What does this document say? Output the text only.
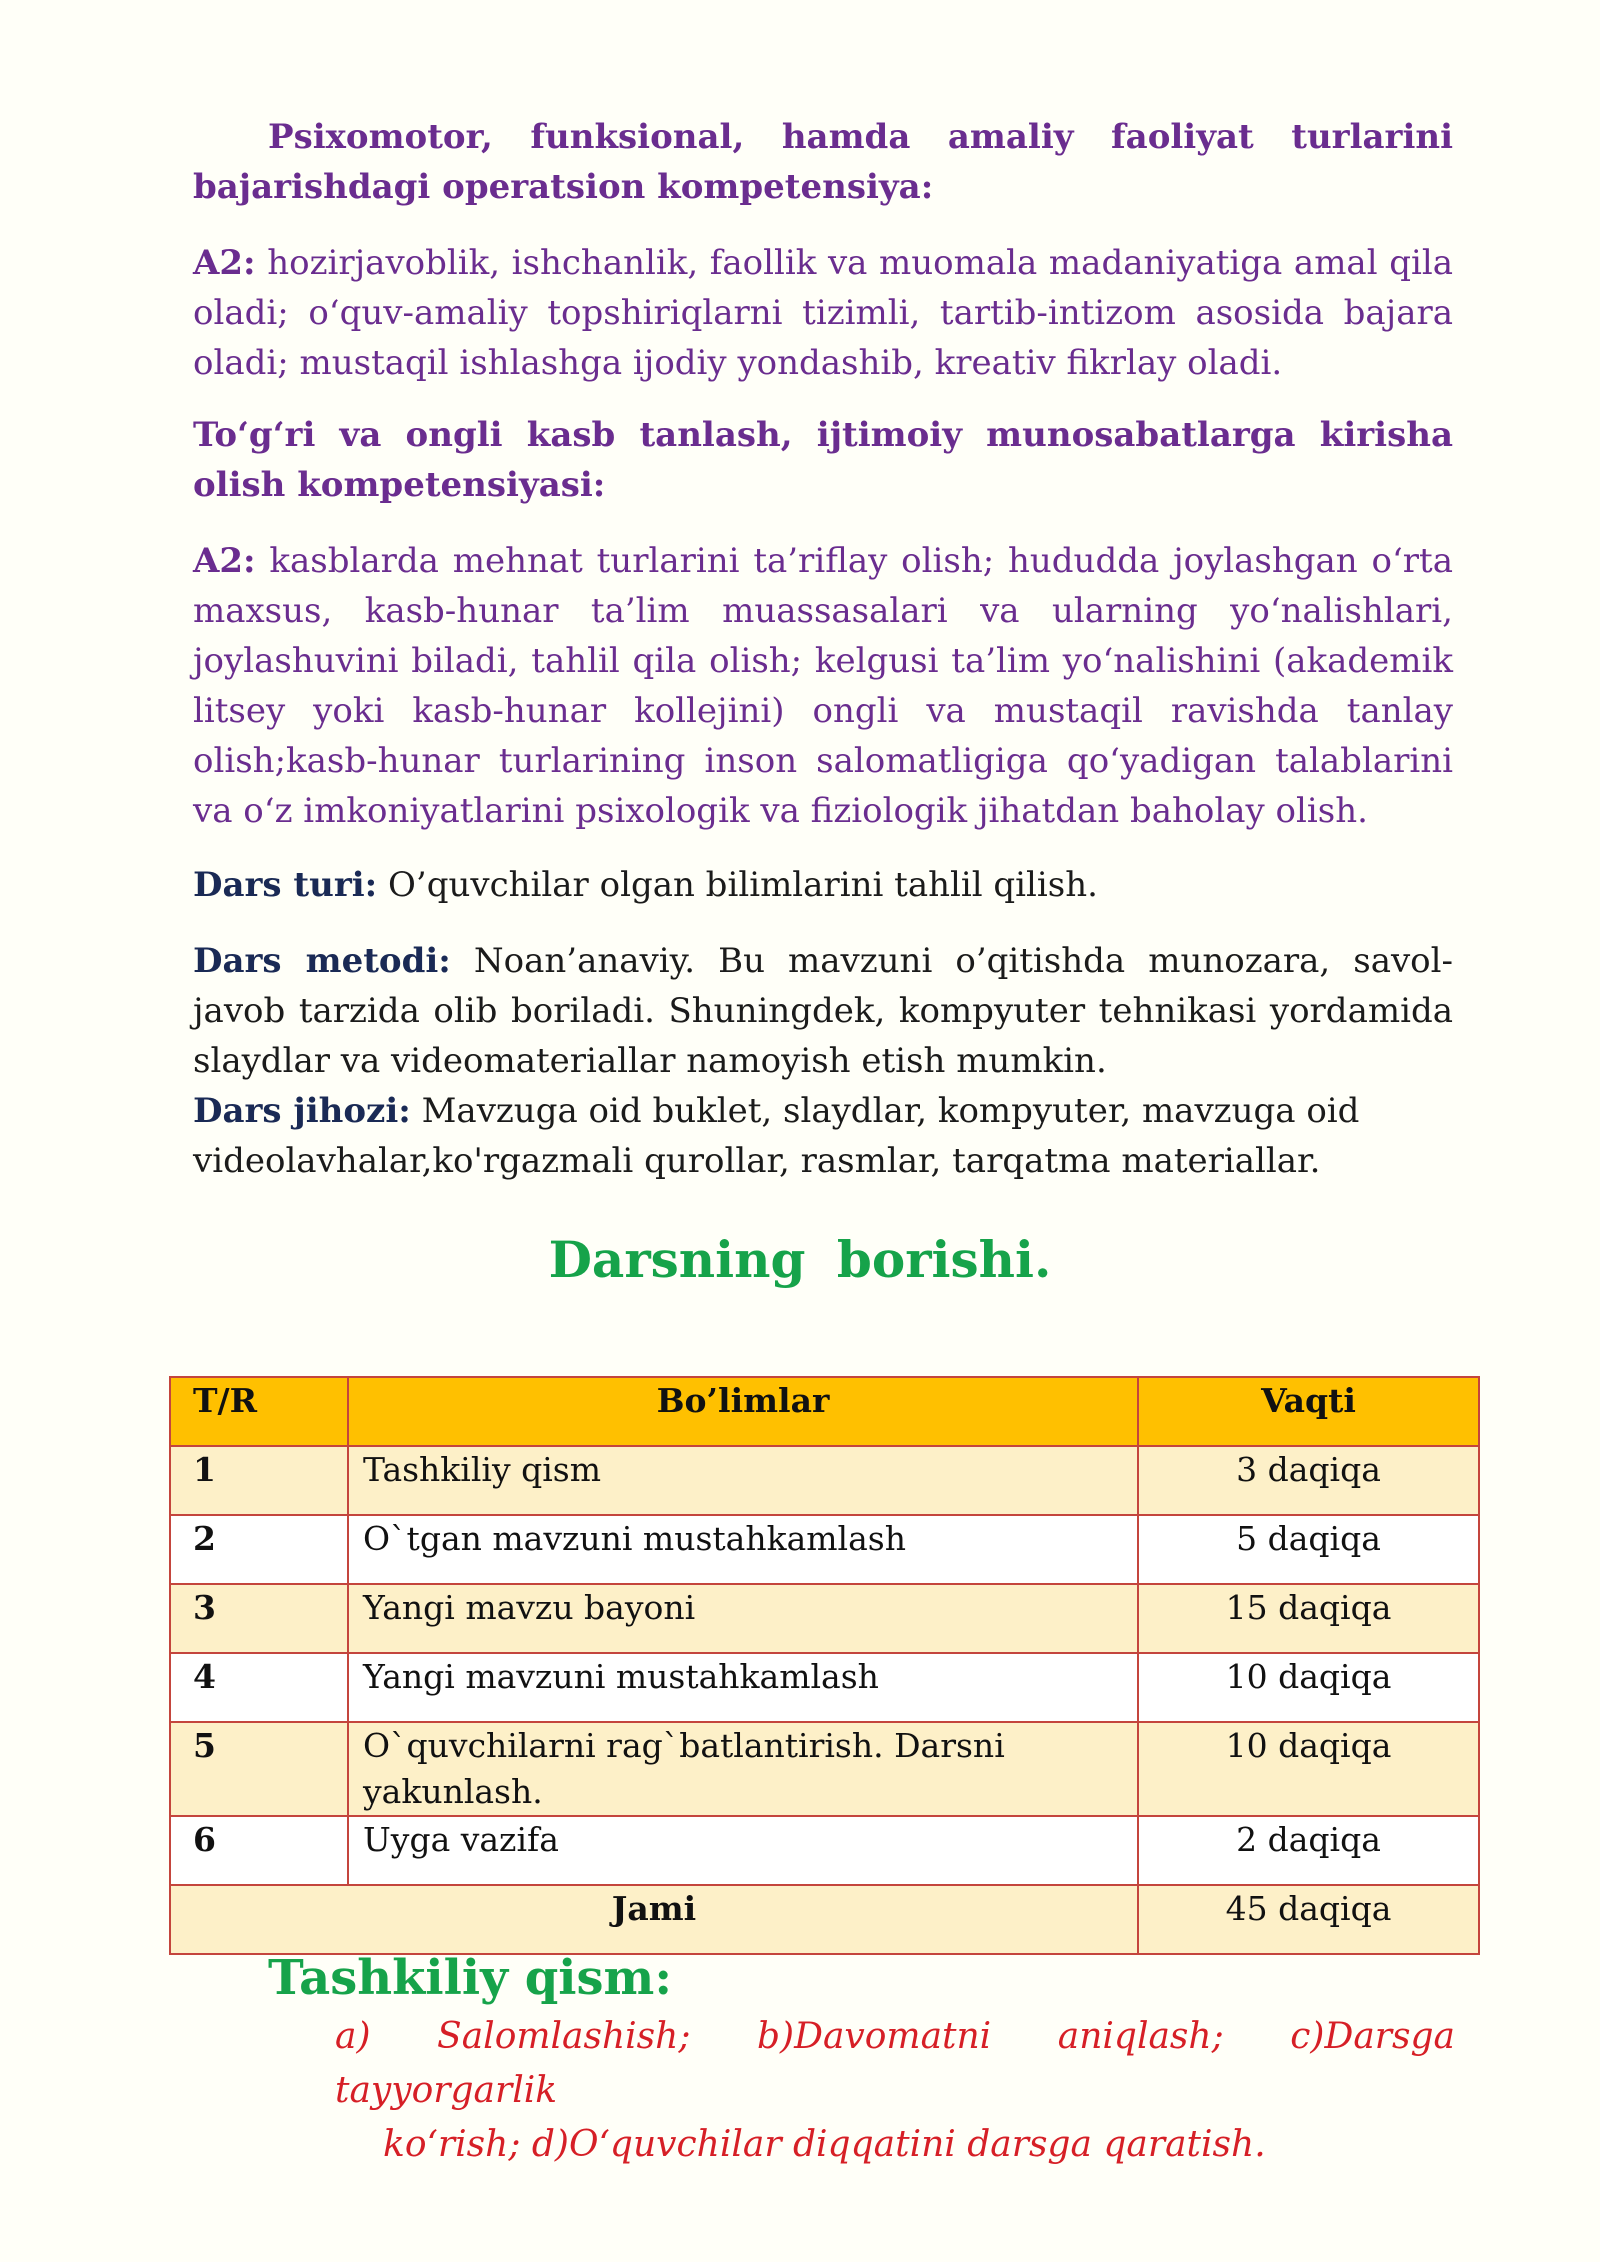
Psixomotor, funksional, hamda amaliy faoliyat turlarini bajarishdagi operatsion kompetensiya:

A2: hozirjavoblik, ishchanlik, faollik va muomala madaniyatiga amal qila oladi; o‘quv-amaliy topshiriqlarni tizimli, tartib-intizom asosida bajara oladi; mustaqil ishlashga ijodiy yondashib, kreativ fikrlay oladi.

To‘g‘ri va ongli kasb tanlash, ijtimoiy munosabatlarga kirisha olish kompetensiyasi:

A2: kasblarda mehnat turlarini ta’riflay olish; hududda joylashgan o‘rta maxsus, kasb-hunar ta’lim muassasalari va ularning yo‘nalishlari, joylashuvini biladi, tahlil qila olish; kelgusi ta’lim yo‘nalishini (akademik litsey yoki kasb-hunar kollejini) ongli va mustaqil ravishda tanlay olish;kasb-hunar turlarining inson salomatligiga qo‘yadigan talablarini va o‘z imkoniyatlarini psixologik va fiziologik jihatdan baholay olish.

Dars turi: O’quvchilar olgan bilimlarini tahlil qilish.

Dars metodi: Noan’anaviy. Bu mavzuni o’qitishda munozara, savol-javob tarzida olib boriladi. Shuningdek, kompyuter tehnikasi yordamida slaydlar va videomateriallar namoyish etish mumkin.
Dars jihozi: Mavzuga oid buklet, slaydlar, kompyuter, mavzuga oid
videolavhalar,ko'rgazmali qurollar, rasmlar, tarqatma materiallar.
Darsning borishi.
T/R	Bo’limlar	Vaqti
1	Tashkiliy qism	3 daqiqa
2	O`tgan mavzuni mustahkamlash	5 daqiqa
3	Yangi mavzu bayoni	15 daqiqa
4	Yangi mavzuni mustahkamlash	10 daqiqa
5	O`quvchilarni rag`batlantirish. Darsni yakunlash.	10 daqiqa
6	Uyga vazifa	2 daqiqa
Jami		45 daqiqa
Tashkiliy qism:

a) Salomlashish; b)Davomatni aniqlash; c)Darsga tayyorgarlik
ko‘rish; d)O‘quvchilar diqqatini darsga qaratish.
